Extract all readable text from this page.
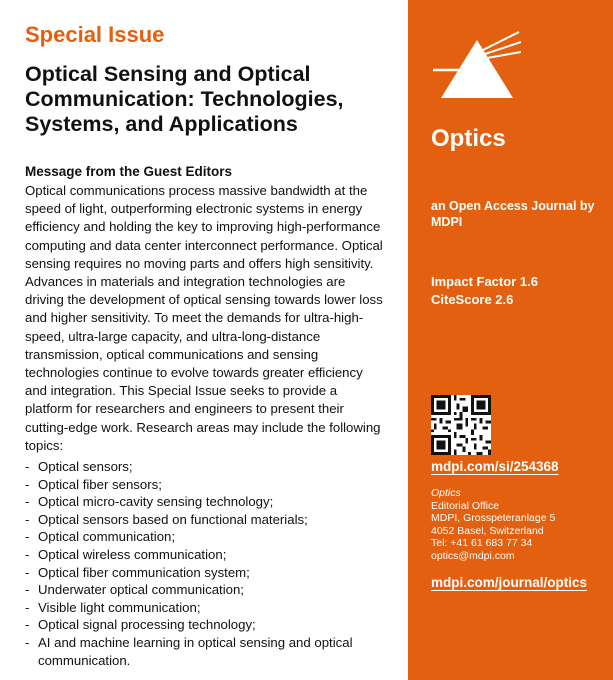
Special Issue
Optical Sensing and Optical Communication: Technologies, Systems, and Applications
Message from the Guest Editors
Optical communications process massive bandwidth at the speed of light, outperforming electronic systems in energy efficiency and holding the key to improving high-performance computing and data center interconnect performance. Optical sensing requires no moving parts and offers high sensitivity. Advances in materials and integration technologies are driving the development of optical sensing towards lower loss and higher sensitivity. To meet the demands for ultra-high-speed, ultra-large capacity, and ultra-long-distance transmission, optical communications and sensing technologies continue to evolve towards greater efficiency and integration. This Special Issue seeks to provide a platform for researchers and engineers to present their cutting-edge work. Research areas may include the following topics:
- Optical sensors;
- Optical fiber sensors;
- Optical micro-cavity sensing technology;
- Optical sensors based on functional materials;
- Optical communication;
- Optical wireless communication;
- Optical fiber communication system;
- Underwater optical communication;
- Visible light communication;
- Optical signal processing technology;
- AI and machine learning in optical sensing and optical communication.
Optics
an Open Access Journal by MDPI
Impact Factor 1.6
CiteScore 2.6
mdpi.com/si/254368
Optics
Editorial Office
MDPI, Grosspeteranlage 5
4052 Basel, Switzerland
Tel: +41 61 683 77 34
optics@mdpi.com
mdpi.com/journal/optics
